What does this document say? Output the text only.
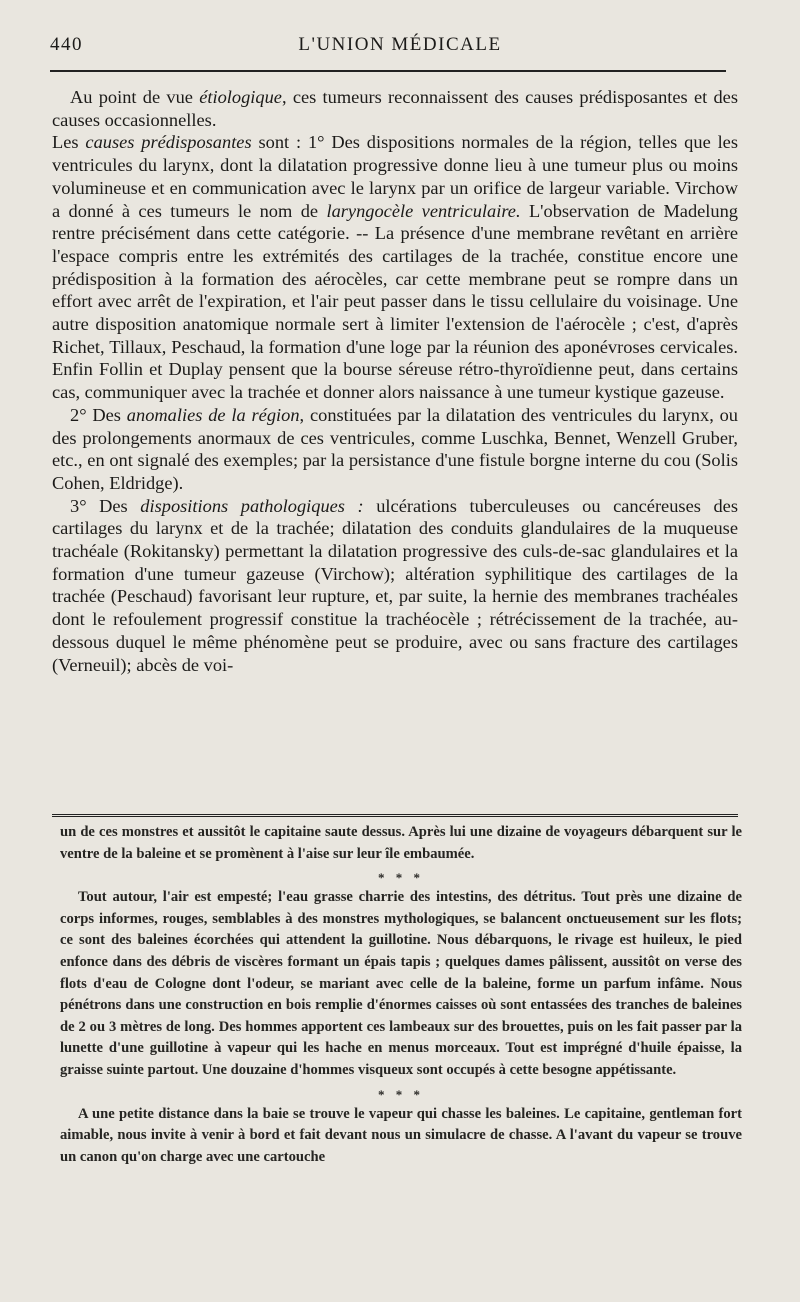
440	L'UNION MÉDICALE

Au point de vue étiologique, ces tumeurs reconnaissent des causes prédisposantes et des causes occasionnelles.

Les causes prédisposantes sont : 1° Des dispositions normales de la région, telles que les ventricules du larynx, dont la dilatation progressive donne lieu à une tumeur plus ou moins volumineuse et en communication avec le larynx par un orifice de largeur variable. Virchow a donné à ces tumeurs le nom de laryngocèle ventriculaire. L'observation de Madelung rentre précisément dans cette catégorie. -- La présence d'une membrane revêtant en arrière l'espace compris entre les extrémités des cartilages de la trachée, constitue encore une prédisposition à la formation des aérocèles, car cette membrane peut se rompre dans un effort avec arrêt de l'expiration, et l'air peut passer dans le tissu cellulaire du voisinage. Une autre disposition anatomique normale sert à limiter l'extension de l'aérocèle ; c'est, d'après Richet, Tillaux, Peschaud, la formation d'une loge par la réunion des aponévroses cervicales. Enfin Follin et Duplay pensent que la bourse séreuse rétro-thyroïdienne peut, dans certains cas, communiquer avec la trachée et donner alors naissance à une tumeur kystique gazeuse.

2° Des anomalies de la région, constituées par la dilatation des ventricules du larynx, ou des prolongements anormaux de ces ventricules, comme Luschka, Bennet, Wenzell Gruber, etc., en ont signalé des exemples; par la persistance d'une fistule borgne interne du cou (Solis Cohen, Eldridge).

3° Des dispositions pathologiques : ulcérations tuberculeuses ou cancéreuses des cartilages du larynx et de la trachée; dilatation des conduits glandulaires de la muqueuse trachéale (Rokitansky) permettant la dilatation progressive des culs-de-sac glandulaires et la formation d'une tumeur gazeuse (Virchow); altération syphilitique des cartilages de la trachée (Peschaud) favorisant leur rupture, et, par suite, la hernie des membranes trachéales dont le refoulement progressif constitue la trachéocèle ; rétrécissement de la trachée, au-dessous duquel le même phénomène peut se produire, avec ou sans fracture des cartilages (Verneuil); abcès de voi-

un de ces monstres et aussitôt le capitaine saute dessus. Après lui une dizaine de voyageurs débarquent sur le ventre de la baleine et se promènent à l'aise sur leur île embaumée.

* * *

Tout autour, l'air est empesté; l'eau grasse charrie des intestins, des détritus. Tout près une dizaine de corps informes, rouges, semblables à des monstres mythologiques, se balancent onctueusement sur les flots; ce sont des baleines écorchées qui attendent la guillotine. Nous débarquons, le rivage est huileux, le pied enfonce dans des débris de viscères formant un épais tapis ; quelques dames pâlissent, aussitôt on verse des flots d'eau de Cologne dont l'odeur, se mariant avec celle de la baleine, forme un parfum infâme. Nous pénétrons dans une construction en bois remplie d'énormes caisses où sont entassées des tranches de baleines de 2 ou 3 mètres de long. Des hommes apportent ces lambeaux sur des brouettes, puis on les fait passer par la lunette d'une guillotine à vapeur qui les hache en menus morceaux. Tout est imprégné d'huile épaisse, la graisse suinte partout. Une douzaine d'hommes visqueux sont occupés à cette besogne appétissante.

* * *

A une petite distance dans la baie se trouve le vapeur qui chasse les baleines. Le capitaine, gentleman fort aimable, nous invite à venir à bord et fait devant nous un simulacre de chasse. A l'avant du vapeur se trouve un canon qu'on charge avec une cartouche
